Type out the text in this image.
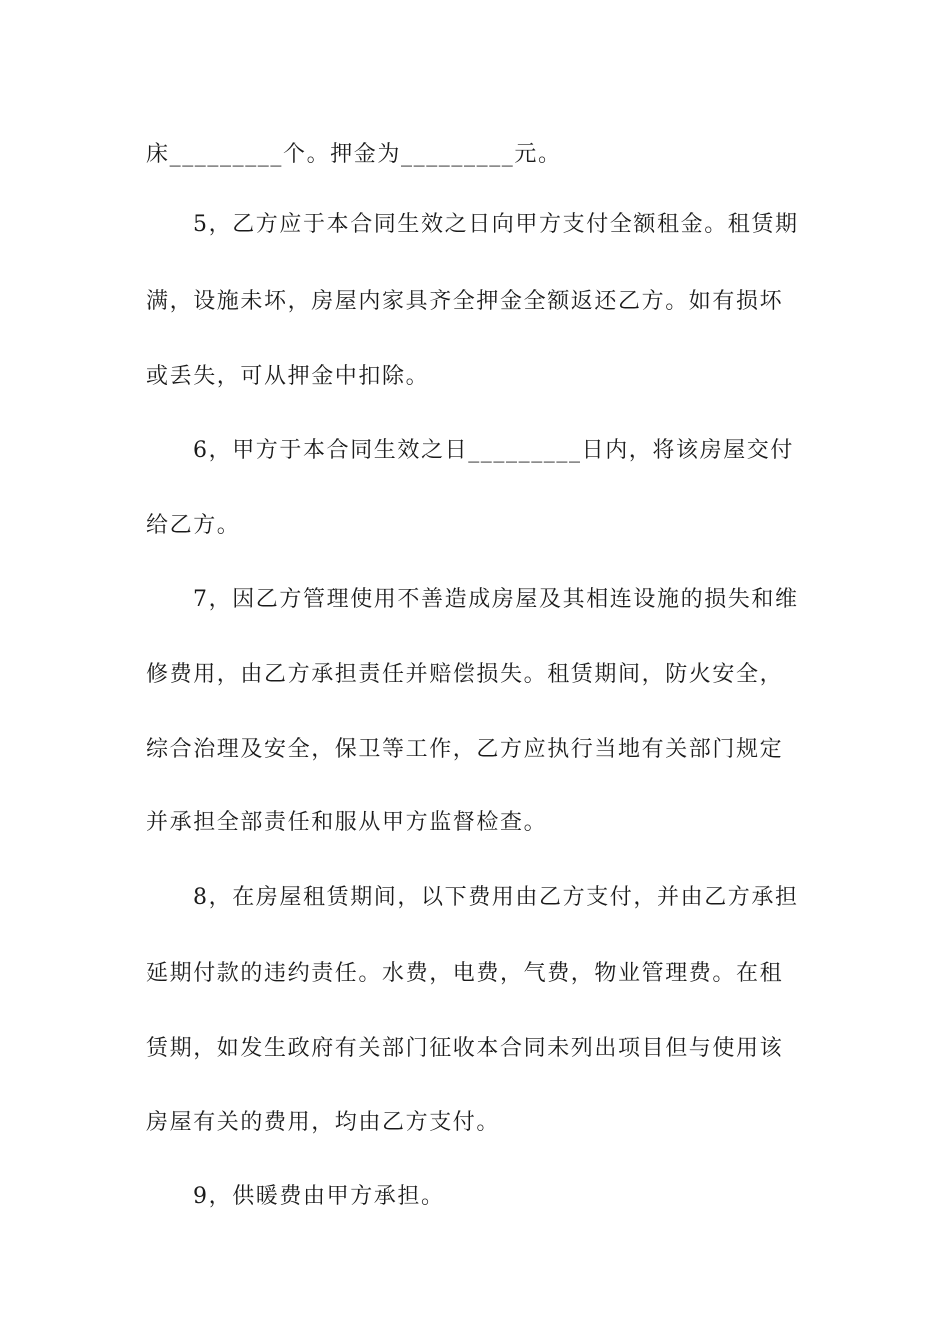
床_________个。押金为_________元。
5，乙方应于本合同生效之日向甲方支付全额租金。租赁期
满，设施未坏，房屋内家具齐全押金全额返还乙方。如有损坏
或丢失，可从押金中扣除。
6，甲方于本合同生效之日_________日内，将该房屋交付
给乙方。
7，因乙方管理使用不善造成房屋及其相连设施的损失和维
修费用，由乙方承担责任并赔偿损失。租赁期间，防火安全，
综合治理及安全，保卫等工作，乙方应执行当地有关部门规定
并承担全部责任和服从甲方监督检查。
8，在房屋租赁期间，以下费用由乙方支付，并由乙方承担
延期付款的违约责任。水费，电费，气费，物业管理费。在租
赁期，如发生政府有关部门征收本合同未列出项目但与使用该
房屋有关的费用，均由乙方支付。
9，供暖费由甲方承担。
